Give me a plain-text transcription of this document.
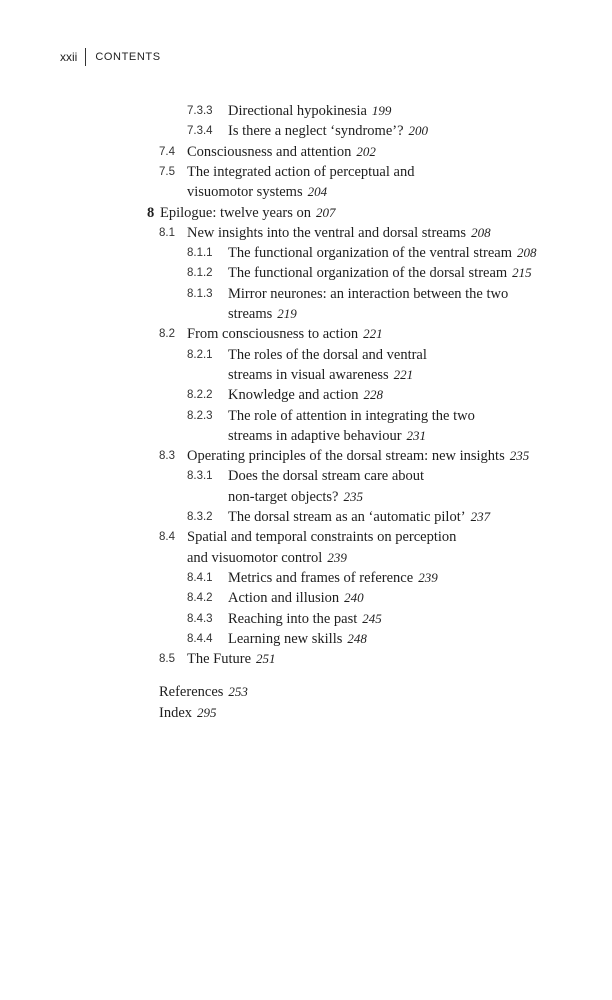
xxii CONTENTS
7.3.3 Directional hypokinesia 199
7.3.4 Is there a neglect ‘syndrome’? 200
7.4 Consciousness and attention 202
7.5 The integrated action of perceptual and
visuomotor systems 204
8 Epilogue: twelve years on 207
8.1 New insights into the ventral and dorsal streams 208
8.1.1 The functional organization of the ventral stream 208
8.1.2 The functional organization of the dorsal stream 215
8.1.3 Mirror neurones: an interaction between the two
streams 219
8.2 From consciousness to action 221
8.2.1 The roles of the dorsal and ventral
streams in visual awareness 221
8.2.2 Knowledge and action 228
8.2.3 The role of attention in integrating the two
streams in adaptive behaviour 231
8.3 Operating principles of the dorsal stream: new insights 235
8.3.1 Does the dorsal stream care about
non-target objects? 235
8.3.2 The dorsal stream as an ‘automatic pilot’ 237
8.4 Spatial and temporal constraints on perception
and visuomotor control 239
8.4.1 Metrics and frames of reference 239
8.4.2 Action and illusion 240
8.4.3 Reaching into the past 245
8.4.4 Learning new skills 248
8.5 The Future 251
References 253
Index 295
